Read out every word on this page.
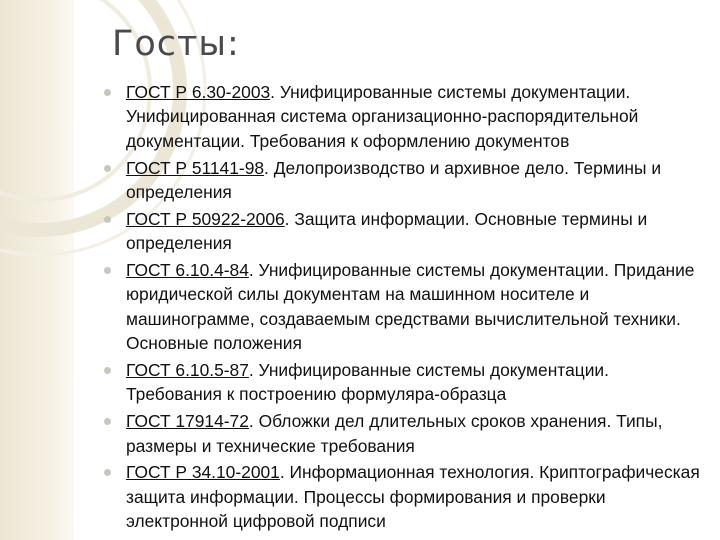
Госты:
ГОСТ Р 6.30-2003. Унифицированные системы документации. Унифицированная система организационно-распорядительной документации. Требования к оформлению документов
ГОСТ Р 51141-98. Делопроизводство и архивное дело. Термины и определения
ГОСТ Р 50922-2006. Защита информации. Основные термины и определения
ГОСТ 6.10.4-84. Унифицированные системы документации. Придание юридической силы документам на машинном носителе и машинограмме, создаваемым средствами вычислительной техники. Основные положения
ГОСТ 6.10.5-87. Унифицированные системы документации. Требования к построению формуляра-образца
ГОСТ 17914-72. Обложки дел длительных сроков хранения. Типы, размеры и технические требования
ГОСТ Р 34.10-2001. Информационная технология. Криптографическая защита информации. Процессы формирования и проверки электронной цифровой подписи
